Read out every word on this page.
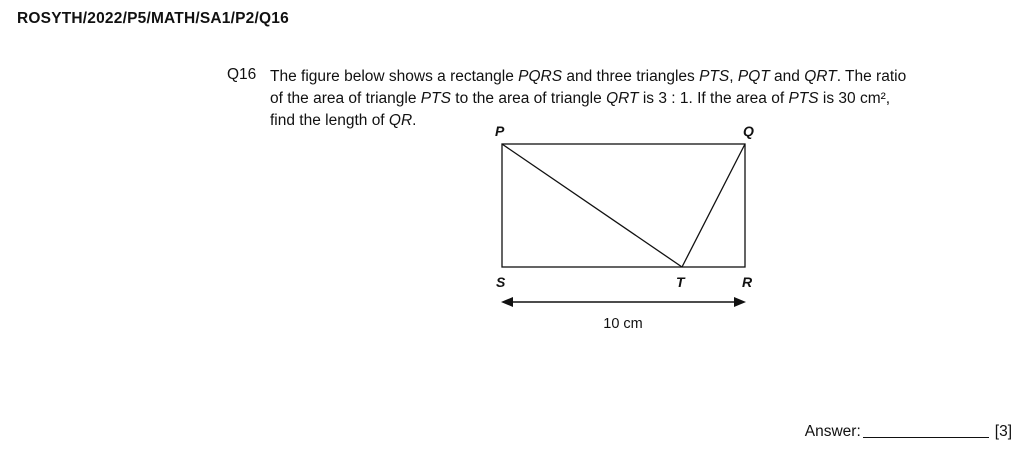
ROSYTH/2022/P5/MATH/SA1/P2/Q16
Q16 The figure below shows a rectangle PQRS and three triangles PTS, PQT and QRT. The ratio
of the area of triangle PTS to the area of triangle QRT is 3 : 1. If the area of PTS is 30 cm²,
find the length of QR.
P	Q
S	T	R
10 cm
Answer:	[3]
